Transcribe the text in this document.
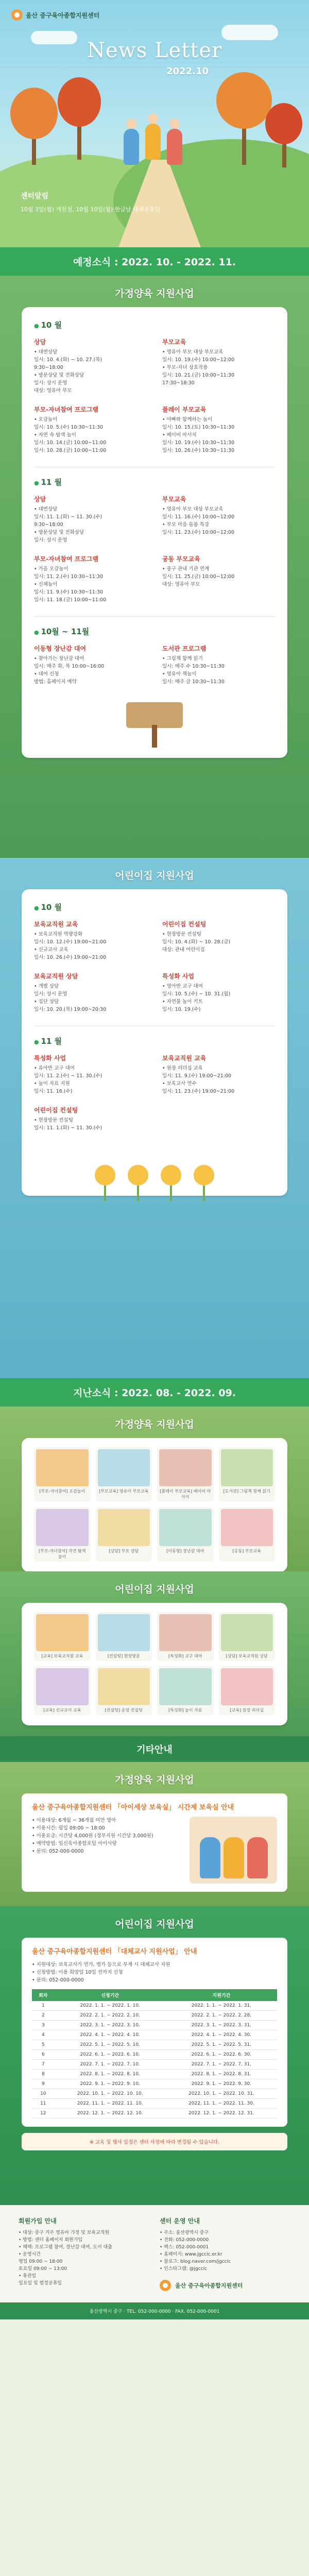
울산 중구육아종합지원센터
News Letter
2022.10
센터알림
10월 3일(월) 개천절, 10월 10일(월) 한글날 대체공휴일
예정소식 : 2022. 10. - 2022. 11.
가정양육 지원사업
● 10 월
상담
• 대면상담
일시: 10. 4.(화) ~ 10. 27.(목)
9:30~18:00
• 방문상담 및 전화상담
일시: 상시 운영
대상: 영유아 부모
부모교육
• 영유아 부모 대상 부모교육
일시: 10. 19.(수) 10:00~12:00
• 부모-자녀 상호작용
일시: 10. 21.(금) 10:00~11:30
17:30~18:30
부모-자녀참여 프로그램
• 오감놀이
일시: 10. 5.(수) 10:30~11:30
• 자연 속 탐색 놀이
일시: 10. 14.(금) 10:00~11:00
일시: 10. 28.(금) 10:00~11:00
플레이 부모교육
• 아빠와 함께하는 놀이
일시: 10. 15.(토) 10:30~11:30
• 베이비 마사지
일시: 10. 19.(수) 10:30~11:30
일시: 10. 26.(수) 10:30~11:30
● 11 월
상담
• 대면상담
일시: 11. 1.(화) ~ 11. 30.(수)
9:30~18:00
• 방문상담 및 전화상담
일시: 상시 운영
부모교육
• 영유아 부모 대상 부모교육
일시: 11. 16.(수) 10:00~12:00
• 부모 마음 돌봄 특강
일시: 11. 23.(수) 10:00~12:00
부모-자녀참여 프로그램
• 가을 오감놀이
일시: 11. 2.(수) 10:30~11:30
• 신체놀이
일시: 11. 9.(수) 10:30~11:30
일시: 11. 18.(금) 10:00~11:00
공동 부모교육
• 중구 관내 기관 연계
일시: 11. 25.(금) 10:00~12:00
대상: 영유아 부모
● 10월 ~ 11월
이동형 장난감 대여
• 찾아가는 장난감 대여
일시: 매주 화, 목 10:00~16:00
• 대여 신청
방법: 홈페이지 예약
도서관 프로그램
• 그림책 함께 읽기
일시: 매주 수 10:30~11:30
• 영유아 책놀이
일시: 매주 금 10:30~11:30
어린이집 지원사업
● 10 월
보육교직원 교육
• 보육교직원 역량강화
일시: 10. 12.(수) 19:00~21:00
• 신규교사 교육
일시: 10. 26.(수) 19:00~21:00
어린이집 컨설팅
• 현장방문 컨설팅
일시: 10. 4.(화) ~ 10. 28.(금)
대상: 관내 어린이집
보육교직원 상담
• 개별 상담
일시: 상시 운영
• 집단 상담
일시: 10. 20.(목) 19:00~20:30
특성화 사업
• 영아반 교구 대여
일시: 10. 5.(수) ~ 10. 31.(월)
• 자연물 놀이 키트
일시: 10. 19.(수)
● 11 월
특성화 사업
• 유아반 교구 대여
일시: 11. 2.(수) ~ 11. 30.(수)
• 놀이 자료 지원
일시: 11. 16.(수)
보육교직원 교육
• 원장 리더십 교육
일시: 11. 9.(수) 19:00~21:00
• 보육교사 연수
일시: 11. 23.(수) 19:00~21:00
어린이집 컨설팅
• 현장방문 컨설팅
일시: 11. 1.(화) ~ 11. 30.(수)
지난소식 : 2022. 08. - 2022. 09.
가정양육 지원사업
[부모-자녀참여] 오감놀이	[부모교육] 영유아 부모교육	[플레이 부모교육] 베이비 마사지
[도서관] 그림책 함께 읽기
[부모-자녀참여] 자연 탐색 놀이
[상담] 부모 상담	[이동형] 장난감 대여	[공동] 부모교육
어린이집 지원사업
[교육] 보육교직원 교육	[컨설팅] 현장방문	[특성화] 교구 대여	[상담] 보육교직원 상담
[교육] 신규교사 교육	[컨설팅] 운영 컨설팅	[특성화] 놀이 자료	[교육] 원장 리더십
기타안내
가정양육 지원사업
울산 중구육아종합지원센터 「아이세상 보육실」 시간제 보육실 안내
• 이용대상: 6개월 ~ 36개월 미만 영아
• 이용시간: 평일 09:00 ~ 18:00
• 이용요금: 시간당 4,000원 (정부지원 시간당 3,000원)
• 예약방법: 임신육아종합포털 아이사랑
• 문의: 052-000-0000
어린이집 지원사업
울산 중구육아종합지원센터 「대체교사 지원사업」 안내
• 지원대상: 보육교사가 연가, 병가 등으로 부재 시 대체교사 지원
• 신청방법: 이용 희망일 10일 전까지 신청
• 문의: 052-000-0000
회차	신청기간	지원기간
1	2022. 1. 1. ~ 2022. 1. 10.	2022. 1. 1. ~ 2022. 1. 31.
2	2022. 2. 1. ~ 2022. 2. 10.	2022. 2. 1. ~ 2022. 2. 28.
3	2022. 3. 1. ~ 2022. 3. 10.	2022. 3. 1. ~ 2022. 3. 31.
4	2022. 4. 1. ~ 2022. 4. 10.	2022. 4. 1. ~ 2022. 4. 30.
5	2022. 5. 1. ~ 2022. 5. 10.	2022. 5. 1. ~ 2022. 5. 31.
6	2022. 6. 1. ~ 2022. 6. 10.	2022. 6. 1. ~ 2022. 6. 30.
7	2022. 7. 1. ~ 2022. 7. 10.	2022. 7. 1. ~ 2022. 7. 31.
8	2022. 8. 1. ~ 2022. 8. 10.	2022. 8. 1. ~ 2022. 8. 31.
9	2022. 9. 1. ~ 2022. 9. 10.	2022. 9. 1. ~ 2022. 9. 30.
10	2022. 10. 1. ~ 2022. 10. 10.	2022. 10. 1. ~ 2022. 10. 31.
11	2022. 11. 1. ~ 2022. 11. 10.	2022. 11. 1. ~ 2022. 11. 30.
12	2022. 12. 1. ~ 2022. 12. 10.	2022. 12. 1. ~ 2022. 12. 31.
※ 교육 및 행사 일정은 센터 사정에 따라 변경될 수 있습니다.
회원가입 안내
• 대상: 중구 거주 영유아 가정 및 보육교직원
• 방법: 센터 홈페이지 회원가입
• 혜택: 프로그램 참여, 장난감 대여, 도서 대출
• 운영시간
평일 09:00 ~ 18:00
토요일 09:00 ~ 13:00
• 휴관일
일요일 및 법정공휴일
센터 운영 안내
• 주소: 울산광역시 중구
• 전화: 052-000-0000
• 팩스: 052-000-0001
• 홈페이지: www.jgccic.or.kr
• 블로그: blog.naver.com/jgccic
• 인스타그램: @jgccic
울산 중구육아종합지원센터
울산광역시 중구 · TEL. 052-000-0000 · FAX. 052-000-0001
